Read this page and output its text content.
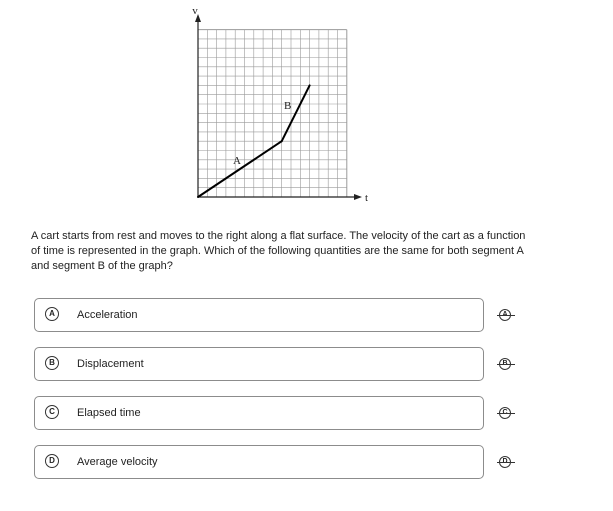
v
t
A
B

A cart starts from rest and moves to the right along a flat surface. The velocity of the cart as a function of time is represented in the graph. Which of the following quantities are the same for both segment A and segment B of the graph?

A	Acceleration
B	Displacement
C	Elapsed time
D	Average velocity
